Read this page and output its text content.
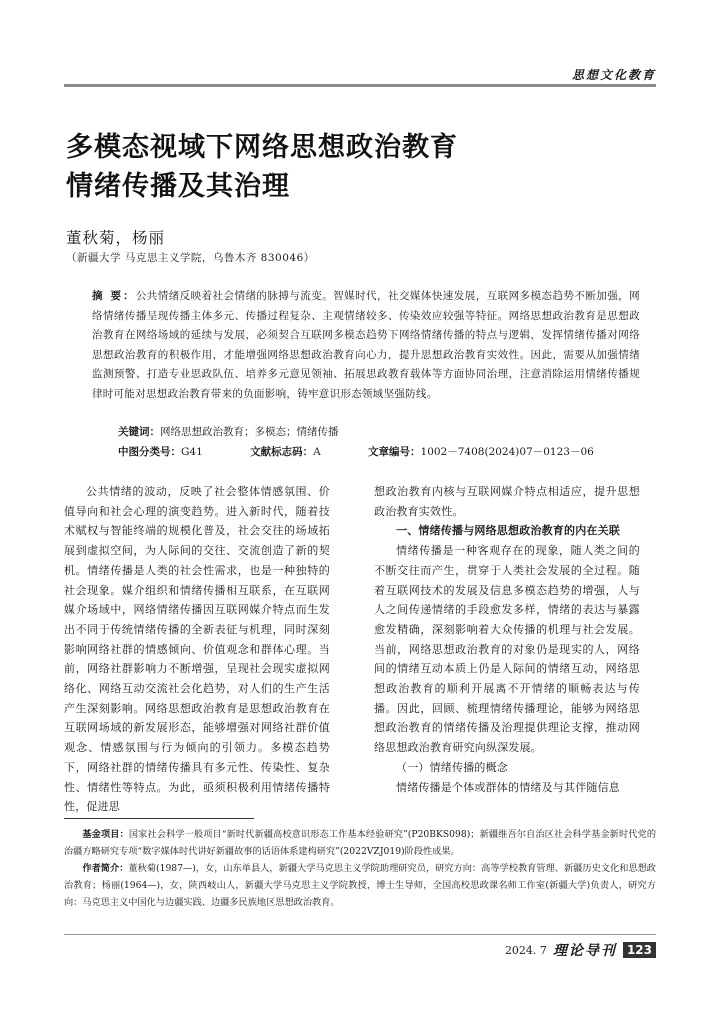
思想文化教育
多模态视域下网络思想政治教育
情绪传播及其治理
董秋菊，杨丽
（新疆大学 马克思主义学院，乌鲁木齐 830046）
摘 要：公共情绪反映着社会情绪的脉搏与流变。智媒时代，社交媒体快速发展，互联网多模态趋势不断加强，网络情绪传播呈现传播主体多元、传播过程复杂、主观情绪较多、传染效应较强等特征。网络思想政治教育是思想政治教育在网络场域的延续与发展，必须契合互联网多模态趋势下网络情绪传播的特点与逻辑，发挥情绪传播对网络思想政治教育的积极作用，才能增强网络思想政治教育向心力，提升思想政治教育实效性。因此，需要从加强情绪监测预警、打造专业思政队伍、培养多元意见领袖、拓展思政教育载体等方面协同治理，注意消除运用情绪传播规律时可能对思想政治教育带来的负面影响，铸牢意识形态领域坚强防线。
关键词：网络思想政治教育；多模态；情绪传播
中图分类号：G41	文献标志码：A	文章编号：1002－7408(2024)07－0123－06

公共情绪的波动，反映了社会整体情感氛围、价值导向和社会心理的演变趋势。进入新时代，随着技术赋权与智能终端的规模化普及，社会交往的场域拓展到虚拟空间，为人际间的交往、交流创造了新的契机。情绪传播是人类的社会性需求，也是一种独特的社会现象。媒介组织和情绪传播相互联系，在互联网媒介场域中，网络情绪传播因互联网媒介特点而生发出不同于传统情绪传播的全新表征与机理，同时深刻影响网络社群的情感倾向、价值观念和群体心理。当前，网络社群影响力不断增强，呈现社会现实虚拟网络化、网络互动交流社会化趋势，对人们的生产生活产生深刻影响。网络思想政治教育是思想政治教育在互联网场域的新发展形态，能够增强对网络社群价值观念、情感氛围与行为倾向的引领力。多模态趋势下，网络社群的情绪传播具有多元性、传染性、复杂性、情绪性等特点。为此，亟须积极利用情绪传播特性，促进思

想政治教育内核与互联网媒介特点相适应，提升思想政治教育实效性。

一、情绪传播与网络思想政治教育的内在关联

情绪传播是一种客观存在的现象，随人类之间的不断交往而产生，贯穿于人类社会发展的全过程。随着互联网技术的发展及信息多模态趋势的增强，人与人之间传递情绪的手段愈发多样，情绪的表达与暴露愈发精确，深刻影响着大众传播的机理与社会发展。当前，网络思想政治教育的对象仍是现实的人，网络间的情绪互动本质上仍是人际间的情绪互动，网络思想政治教育的顺利开展离不开情绪的顺畅表达与传播。因此，回顾、梳理情绪传播理论，能够为网络思想政治教育的情绪传播及治理提供理论支撑，推动网络思想政治教育研究向纵深发展。

（一）情绪传播的概念

情绪传播是个体或群体的情绪及与其伴随信息

基金项目：国家社会科学一般项目“新时代新疆高校意识形态工作基本经验研究”(P20BKS098)；新疆维吾尔自治区社会科学基金新时代党的治疆方略研究专项“数字媒体时代讲好新疆故事的话语体系建构研究”(2022VZJ019)阶段性成果。

作者简介：董秋菊(1987—)，女，山东单县人，新疆大学马克思主义学院助理研究员，研究方向：高等学校教育管理、新疆历史文化和思想政治教育；杨丽(1964—)，女，陕西岐山人，新疆大学马克思主义学院教授，博士生导师，全国高校思政课名师工作室(新疆大学)负责人，研究方向：马克思主义中国化与边疆实践、边疆多民族地区思想政治教育。

2024. 7 理论导刊 123
